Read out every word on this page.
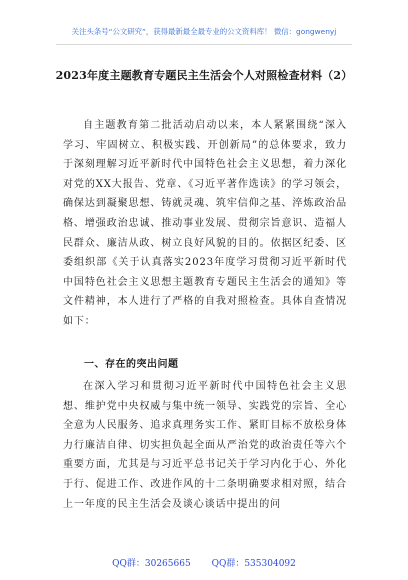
关注头条号“公文研究”，获得最新最全最专业的公文资料库！ 微信：gongwenyj
2023年度主题教育专题民主生活会个人对照检查材料（2）
自主题教育第二批活动启动以来，本人紧紧围绕“深入学习、牢固树立、积极实践、开创新局”的总体要求，致力于深刻理解习近平新时代中国特色社会主义思想，着力深化对党的XX大报告、党章、《习近平著作选读》的学习领会，确保达到凝聚思想、铸就灵魂、筑牢信仰之基、淬炼政治品格、增强政治忠诚、推动事业发展、贯彻宗旨意识、造福人民群众、廉洁从政、树立良好风貌的目的。依据区纪委、区委组织部《关于认真落实2023年度学习贯彻习近平新时代中国特色社会主义思想主题教育专题民主生活会的通知》等文件精神，本人进行了严格的自我对照检查。具体自查情况如下：
一、存在的突出问题
在深入学习和贯彻习近平新时代中国特色社会主义思想、维护党中央权威与集中统一领导、实践党的宗旨、全心全意为人民服务、追求真理务实工作、紧盯目标不放松身体力行廉洁自律、切实担负起全面从严治党的政治责任等六个重要方面，尤其是与习近平总书记关于学习内化于心、外化于行、促进工作、改进作风的十二条明确要求相对照，结合上一年度的民主生活会及谈心谈话中提出的问
QQ群：30265665 QQ群：535304092
